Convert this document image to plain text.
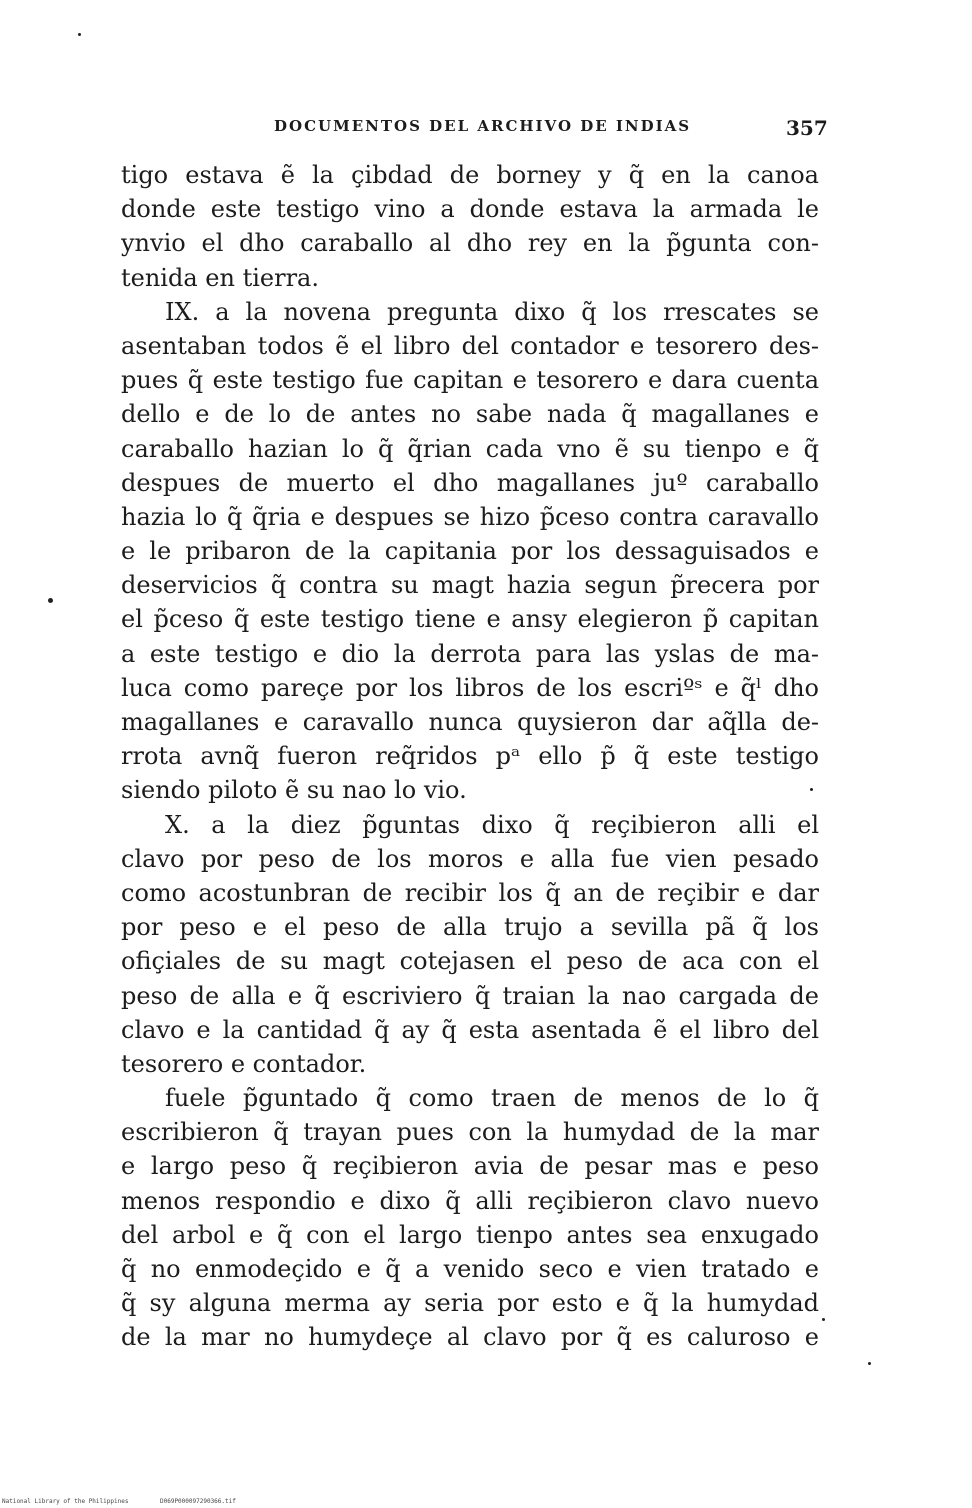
DOCUMENTOS DEL ARCHIVO DE INDIAS	357
tigo estava ẽ la çibdad de borney y q̃ en la canoa
donde este testigo vino a donde estava la armada le
ynvio el dho caraballo al dho rey en la p̃gunta con-
tenida en tierra.
IX. a la novena pregunta dixo q̃ los rrescates se
asentaban todos ẽ el libro del contador e tesorero des-
pues q̃ este testigo fue capitan e tesorero e dara cuenta
dello e de lo de antes no sabe nada q̃ magallanes e
caraballo hazian lo q̃ q̃rian cada vno ẽ su tienpo e q̃
despues de muerto el dho magallanes juº caraballo
hazia lo q̃ q̃ria e despues se hizo p̃ceso contra caravallo
e le pribaron de la capitania por los dessaguisados e
deservicios q̃ contra su magt hazia segun p̃recera por
el p̃ceso q̃ este testigo tiene e ansy elegieron p̃ capitan
a este testigo e dio la derrota para las yslas de ma-
luca como pareçe por los libros de los escriºˢ e q̃ˡ dho
magallanes e caravallo nunca quysieron dar aq̃lla de-
rrota avnq̃ fueron req̃ridos pᵃ ello p̃ q̃ este testigo
siendo piloto ẽ su nao lo vio.
X. a la diez p̃guntas dixo q̃ reçibieron alli el
clavo por peso de los moros e alla fue vien pesado
como acostunbran de recibir los q̃ an de reçibir e dar
por peso e el peso de alla trujo a sevilla pã q̃ los
ofiçiales de su magt cotejasen el peso de aca con el
peso de alla e q̃ escriviero q̃ traian la nao cargada de
clavo e la cantidad q̃ ay q̃ esta asentada ẽ el libro del
tesorero e contador.
fuele p̃guntado q̃ como traen de menos de lo q̃
escribieron q̃ trayan pues con la humydad de la mar
e largo peso q̃ reçibieron avia de pesar mas e peso
menos respondio e dixo q̃ alli reçibieron clavo nuevo
del arbol e q̃ con el largo tienpo antes sea enxugado
q̃ no enmodeçido e q̃ a venido seco e vien tratado e
q̃ sy alguna merma ay seria por esto e q̃ la humydad
de la mar no humydeçe al clavo por q̃ es caluroso e
National Library of the Philippines	D069P000097290366.tif
